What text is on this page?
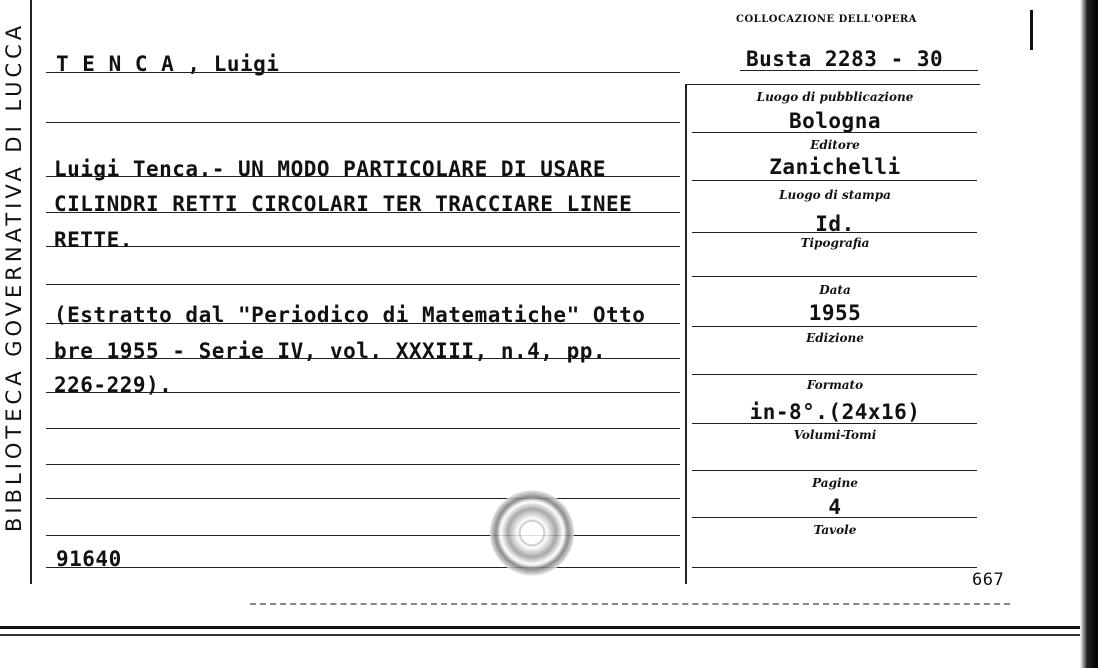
BIBLIOTECA GOVERNATIVA DI LUCCA
COLLOCAZIONE DELL'OPERA
Busta 2283 - 30
T E N C A , Luigi
Luigi Tenca.- UN MODO PARTICOLARE DI USARE
CILINDRI RETTI CIRCOLARI TER TRACCIARE LINEE
RETTE.
(Estratto dal "Periodico di Matematiche" Otto
bre 1955 - Serie IV, vol. XXXIII, n.4, pp.
226-229).
91640
Luogo di pubblicazione
Bologna
Editore
Zanichelli
Luogo di stampa
Id.
Tipografia
Data
1955
Edizione
Formato
in-8°.(24x16)
Volumi-Tomi
Pagine
4
Tavole
667
